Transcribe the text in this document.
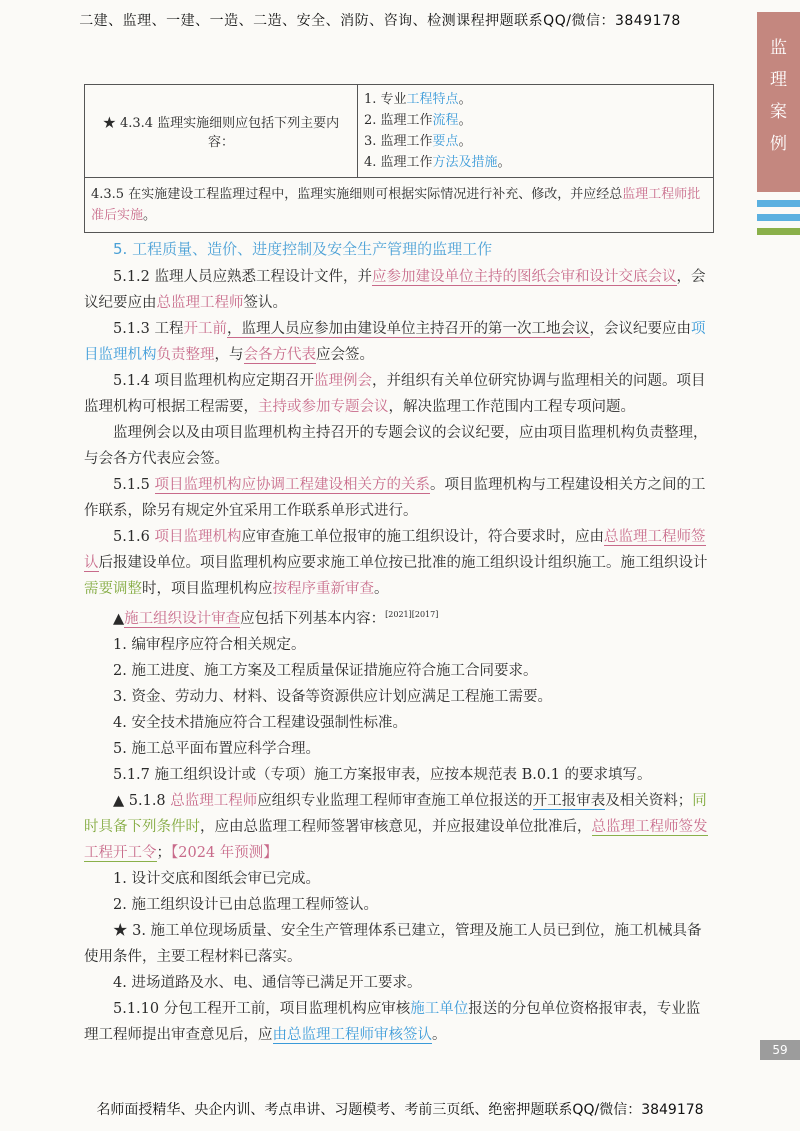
二建、监理、一建、一造、二造、安全、消防、咨询、检测课程押题联系QQ/微信：3849178
监
理
案
例
★ 4.3.4 监理实施细则应包括下列主要内容：	
1. 专业工程特点。
2. 监理工作流程。
3. 监理工作要点。
4. 监理工作方法及措施。

4.3.5 在实施建设工程监理过程中，监理实施细则可根据实际情况进行补充、修改，并应经总监理工程师批准后实施。
5. 工程质量、造价、进度控制及安全生产管理的监理工作

5.1.2 监理人员应熟悉工程设计文件，并应参加建设单位主持的图纸会审和设计交底会议，会议纪要应由总监理工程师签认。

5.1.3 工程开工前，监理人员应参加由建设单位主持召开的第一次工地会议，会议纪要应由项目监理机构负责整理，与会各方代表应会签。

5.1.4 项目监理机构应定期召开监理例会，并组织有关单位研究协调与监理相关的问题。项目监理机构可根据工程需要，主持或参加专题会议，解决监理工作范围内工程专项问题。

监理例会以及由项目监理机构主持召开的专题会议的会议纪要，应由项目监理机构负责整理，与会各方代表应会签。

5.1.5 项目监理机构应协调工程建设相关方的关系。项目监理机构与工程建设相关方之间的工作联系，除另有规定外宜采用工作联系单形式进行。

5.1.6 项目监理机构应审查施工单位报审的施工组织设计，符合要求时，应由总监理工程师签认后报建设单位。项目监理机构应要求施工单位按已批准的施工组织设计组织施工。施工组织设计需要调整时，项目监理机构应按程序重新审查。

▲施工组织设计审查应包括下列基本内容：[2021][2017]

1. 编审程序应符合相关规定。

2. 施工进度、施工方案及工程质量保证措施应符合施工合同要求。

3. 资金、劳动力、材料、设备等资源供应计划应满足工程施工需要。

4. 安全技术措施应符合工程建设强制性标准。

5. 施工总平面布置应科学合理。

5.1.7 施工组织设计或（专项）施工方案报审表，应按本规范表 B.0.1 的要求填写。

▲ 5.1.8 总监理工程师应组织专业监理工程师审查施工单位报送的开工报审表及相关资料；同时具备下列条件时，应由总监理工程师签署审核意见，并应报建设单位批准后，总监理工程师签发工程开工令；【2024 年预测】

1. 设计交底和图纸会审已完成。

2. 施工组织设计已由总监理工程师签认。

★ 3. 施工单位现场质量、安全生产管理体系已建立，管理及施工人员已到位，施工机械具备使用条件，主要工程材料已落实。

4. 进场道路及水、电、通信等已满足开工要求。

5.1.10 分包工程开工前，项目监理机构应审核施工单位报送的分包单位资格报审表，专业监理工程师提出审查意见后，应由总监理工程师审核签认。

59
名师面授精华、央企内训、考点串讲、习题模考、考前三页纸、绝密押题联系QQ/微信：3849178
